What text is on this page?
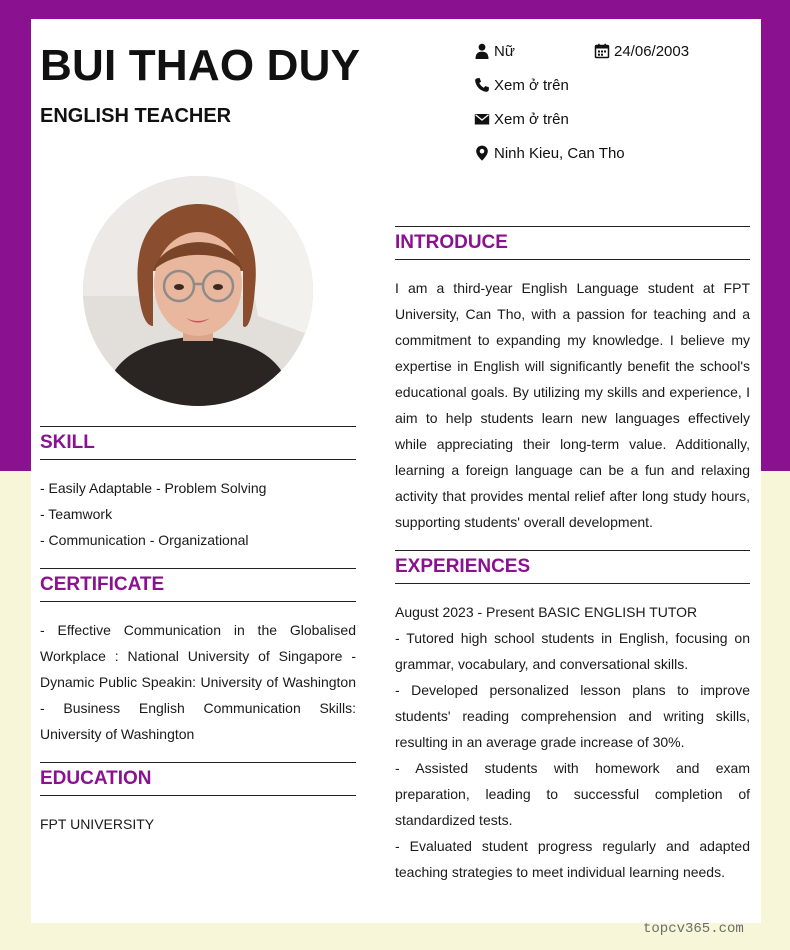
BUI THAO DUY
ENGLISH TEACHER
Nữ	24/06/2003
Xem ở trên
Xem ở trên
Ninh Kieu, Can Tho
SKILL
- Easily Adaptable - Problem Solving
- Teamwork
- Communication - Organizational
CERTIFICATE
- Effective Communication in the Globalised Workplace : National University of Singapore - Dynamic Public Speakin: University of Washington - Business English Communication Skills: University of Washington
EDUCATION
FPT UNIVERSITY
INTRODUCE
I am a third-year English Language student at FPT University, Can Tho, with a passion for teaching and a commitment to expanding my knowledge. I believe my expertise in English will significantly benefit the school's educational goals. By utilizing my skills and experience, I aim to help students learn new languages effectively while appreciating their long-term value. Additionally, learning a foreign language can be a fun and relaxing activity that provides mental relief after long study hours, supporting students' overall development.
EXPERIENCES
August 2023 - Present BASIC ENGLISH TUTOR
- Tutored high school students in English, focusing on grammar, vocabulary, and conversational skills.
- Developed personalized lesson plans to improve students' reading comprehension and writing skills, resulting in an average grade increase of 30%.
- Assisted students with homework and exam preparation, leading to successful completion of standardized tests.
- Evaluated student progress regularly and adapted teaching strategies to meet individual learning needs.
topcv365.com
